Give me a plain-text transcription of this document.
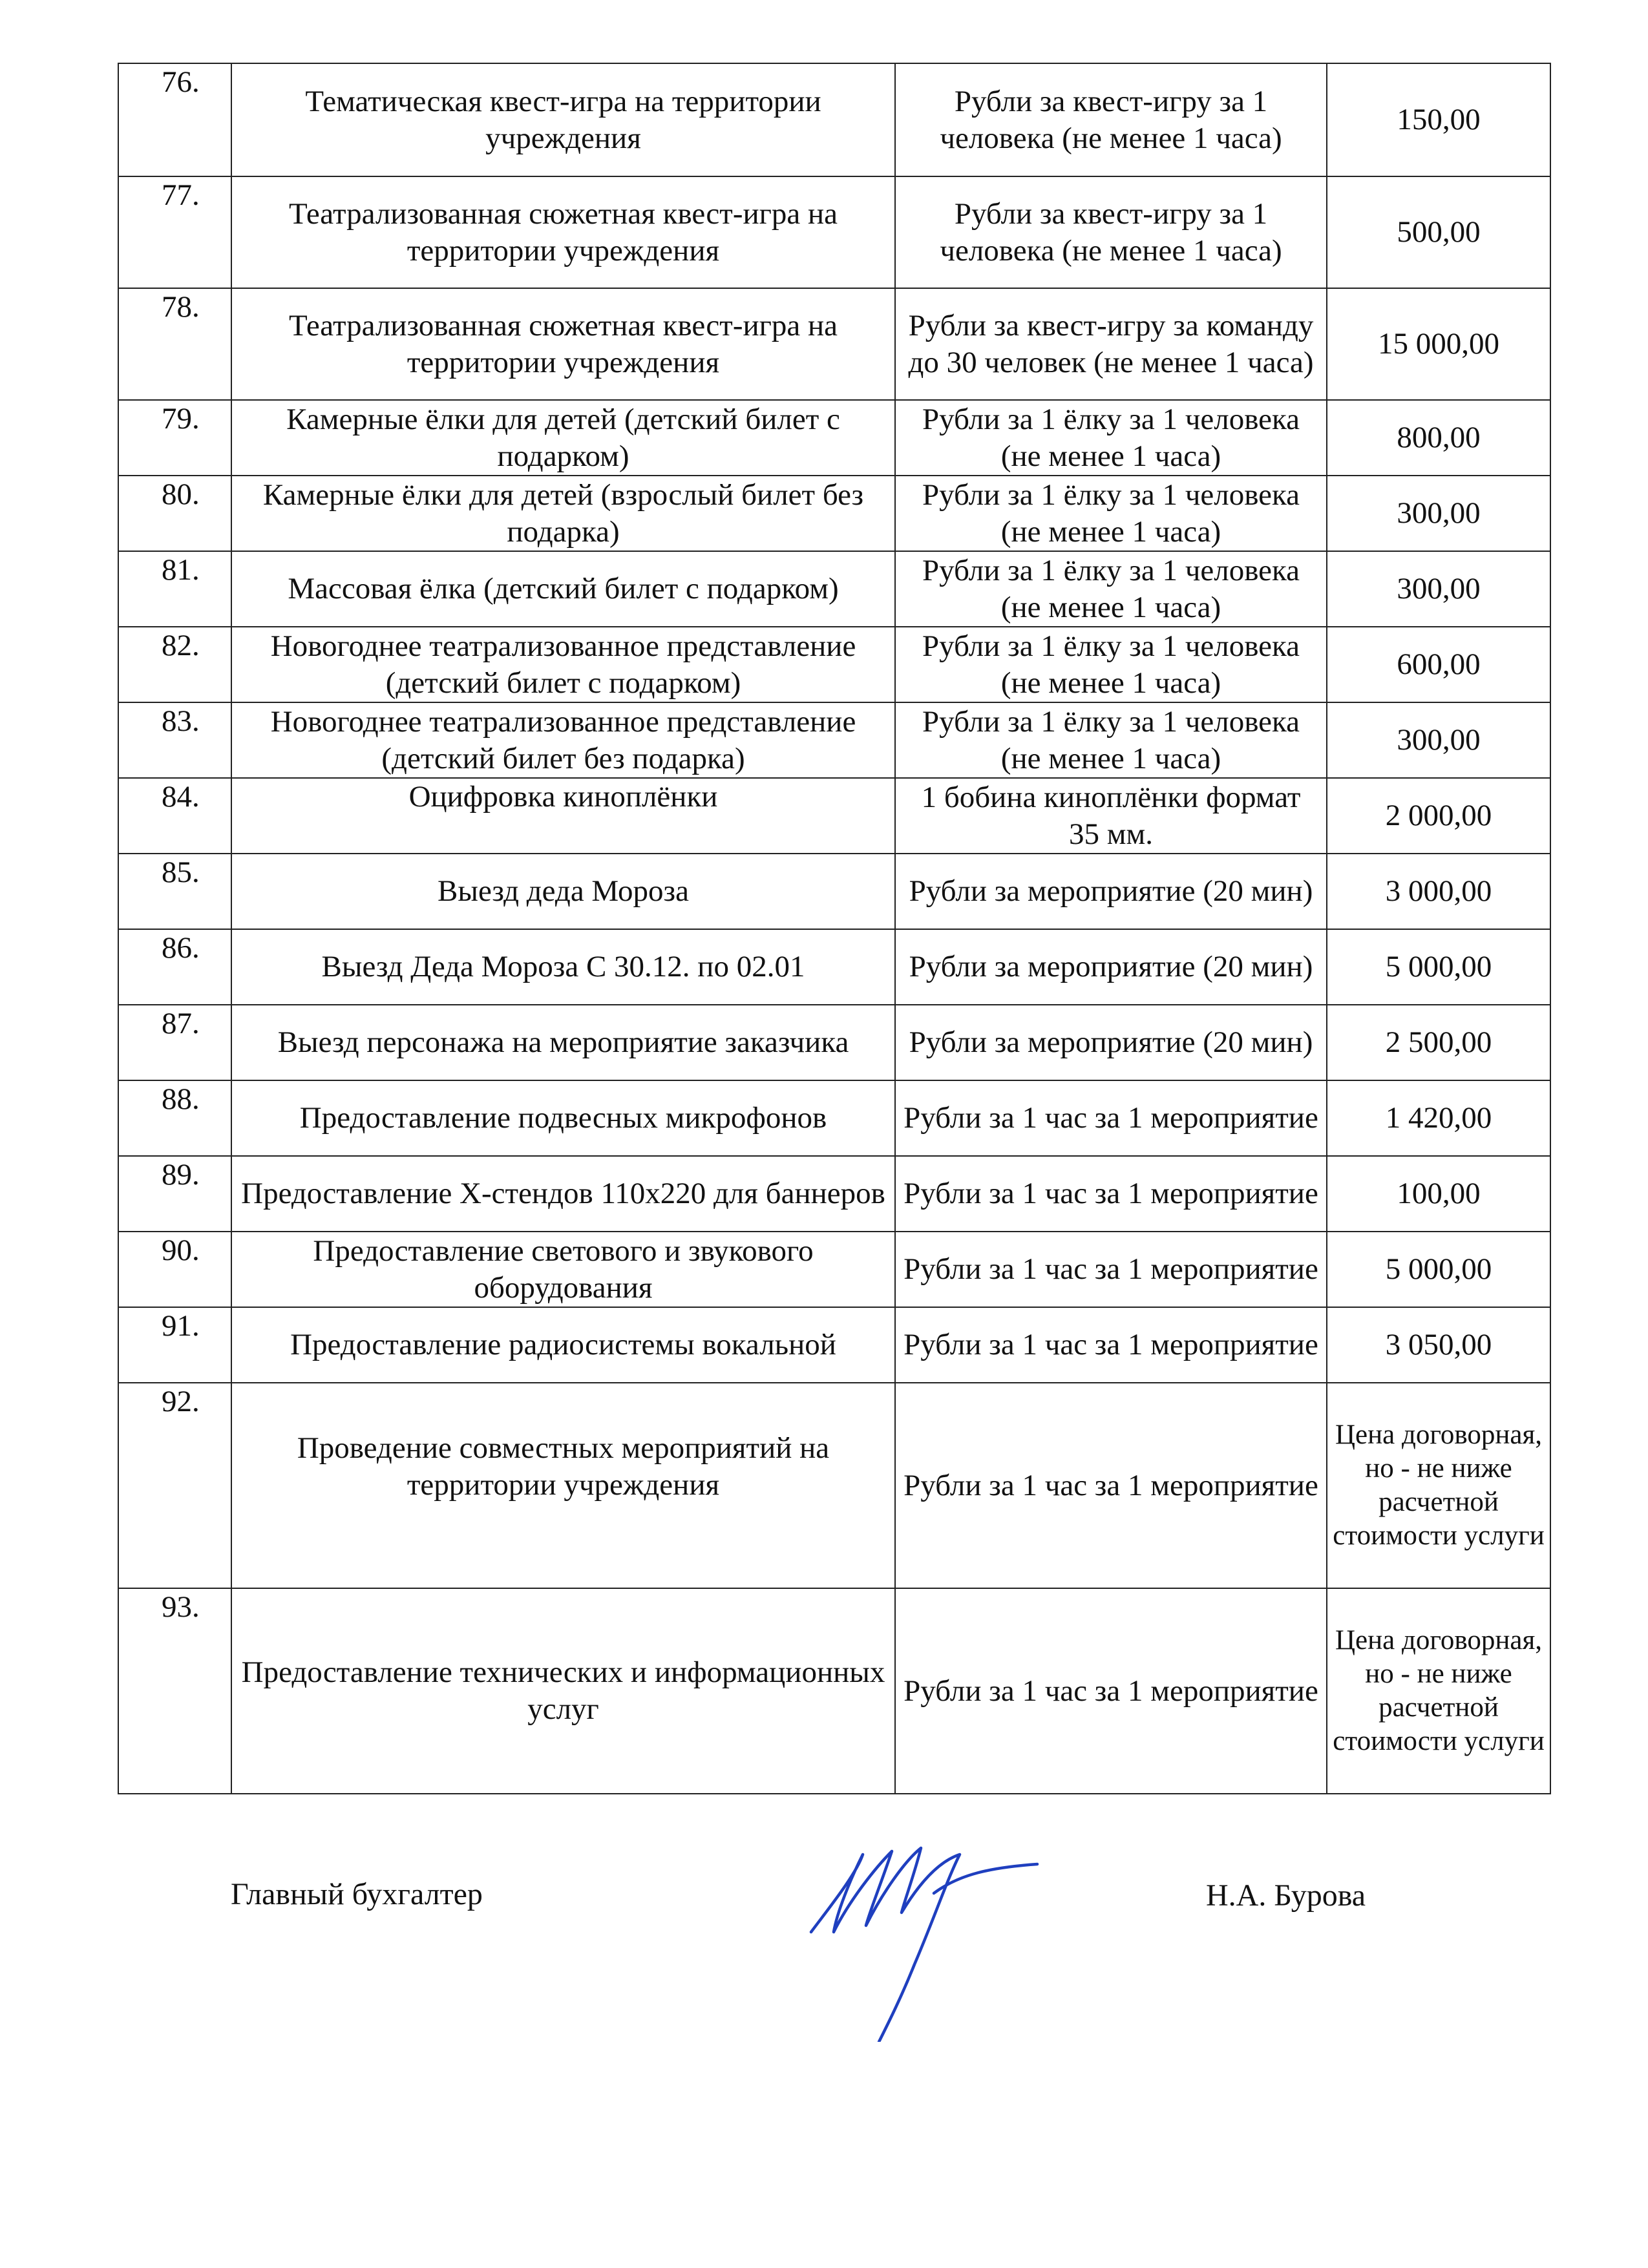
76.	Тематическая квест-игра на территории учреждения	Рубли за квест-игру за 1 человека (не менее 1 часа)	150,00
77.	Театрализованная сюжетная квест-игра на территории учреждения	Рубли за квест-игру за 1 человека (не менее 1 часа)	500,00
78.	Театрализованная сюжетная квест-игра на территории учреждения	Рубли за квест-игру за команду до 30 человек (не менее 1 часа)	15 000,00
79.	Камерные ёлки для детей (детский билет с подарком)	Рубли за 1 ёлку за 1 человека (не менее 1 часа)	800,00
80.	Камерные ёлки для детей (взрослый билет без подарка)	Рубли за 1 ёлку за 1 человека (не менее 1 часа)	300,00
81.	Массовая ёлка (детский билет с подарком)	Рубли за 1 ёлку за 1 человека (не менее 1 часа)	300,00
82.	Новогоднее театрализованное представление (детский билет с подарком)	Рубли за 1 ёлку за 1 человека (не менее 1 часа)	600,00
83.	Новогоднее театрализованное представление (детский билет без подарка)	Рубли за 1 ёлку за 1 человека (не менее 1 часа)	300,00
84.	Оцифровка киноплёнки	1 бобина киноплёнки формат 35 мм.	2 000,00
85.	Выезд деда Мороза	Рубли за мероприятие (20 мин)	3 000,00
86.	Выезд Деда Мороза С 30.12. по 02.01	Рубли за мероприятие (20 мин)	5 000,00
87.	Выезд персонажа на мероприятие заказчика	Рубли за мероприятие (20 мин)	2 500,00
88.	Предоставление подвесных микрофонов	Рубли за 1 час за 1 мероприятие	1 420,00
89.	Предоставление Х-стендов 110х220 для баннеров	Рубли за 1 час за 1 мероприятие	100,00
90.	Предоставление светового и звукового оборудования	Рубли за 1 час за 1 мероприятие	5 000,00
91.	Предоставление радиосистемы вокальной	Рубли за 1 час за 1 мероприятие	3 050,00
92.	Проведение совместных мероприятий на территории учреждения	Рубли за 1 час за 1 мероприятие	Цена договорная, но - не ниже расчетной стоимости услуги
93.	Предоставление технических и информационных услуг	Рубли за 1 час за 1 мероприятие	Цена договорная, но - не ниже расчетной стоимости услуги
Главный бухгалтер	Н.А. Бурова
